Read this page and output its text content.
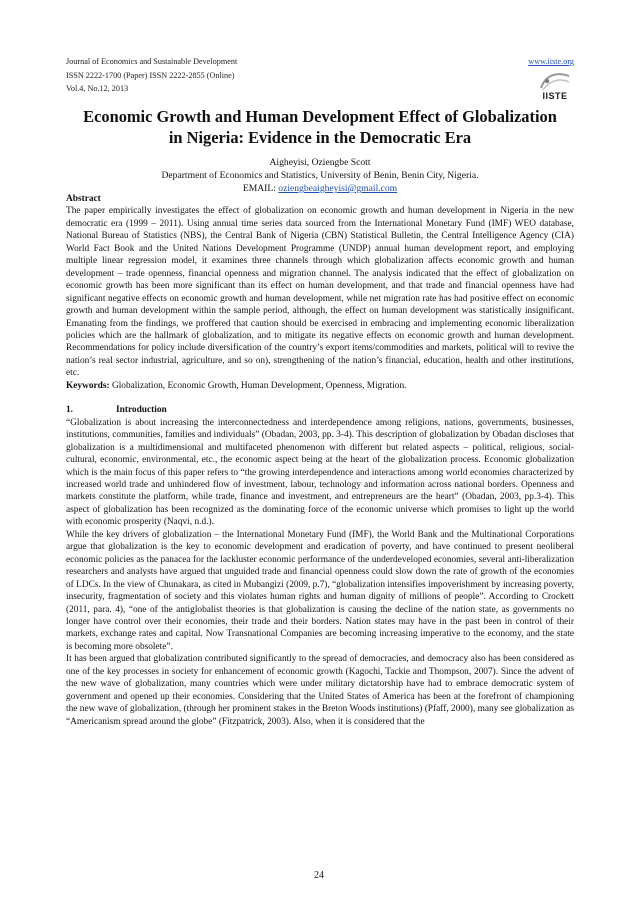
Journal of Economics and Sustainable Development
ISSN 2222-1700 (Paper) ISSN 2222-2855 (Online)
Vol.4, No.12, 2013
www.iiste.org
IISTE
Economic Growth and Human Development Effect of Globalization in Nigeria: Evidence in the Democratic Era
Aigheyisi, Oziengbe Scott
Department of Economics and Statistics, University of Benin, Benin City, Nigeria.
EMAIL: oziengbeaigheyisi@gmail.com

Abstract

The paper empirically investigates the effect of globalization on economic growth and human development in Nigeria in the new democratic era (1999 – 2011). Using annual time series data sourced from the International Monetary Fund (IMF) WEO database, National Bureau of Statistics (NBS), the Central Bank of Nigeria (CBN) Statistical Bulletin, the Central Intelligence Agency (CIA) World Fact Book and the United Nations Development Programme (UNDP) annual human development report, and employing multiple linear regression model, it examines three channels through which globalization affects economic growth and human development – trade openness, financial openness and migration channel. The analysis indicated that the effect of globalization on economic growth has been more significant than its effect on human development, and that trade and financial openness have had significant negative effects on economic growth and human development, while net migration rate has had positive effect on economic growth and human development within the sample period, although, the effect on human development was statistically insignificant. Emanating from the findings, we proffered that caution should be exercised in embracing and implementing economic liberalization policies which are the hallmark of globalization, and to mitigate its negative effects on economic growth and human development. Recommendations for policy include diversification of the country’s export items/commodities and markets, political will to revive the nation’s real sector industrial, agriculture, and so on), strengthening of the nation’s financial, education, health and other institutions, etc.

Keywords: Globalization, Economic Growth, Human Development, Openness, Migration.

1.	Introduction

“Globalization is about increasing the interconnectedness and interdependence among religions, nations, governments, businesses, institutions, communities, families and individuals” (Obadan, 2003, pp. 3-4). This description of globalization by Obadan discloses that globalization is a multidimensional and multifaceted phenomenon with different but related aspects – political, religious, social-cultural, economic, environmental, etc., the economic aspect being at the heart of the globalization process. Economic globalization which is the main focus of this paper refers to “the growing interdependence and interactions among world economies characterized by increased world trade and unhindered flow of investment, labour, technology and information across national borders. Openness and markets constitute the platform, while trade, finance and investment, and entrepreneurs are the heart” (Obadan, 2003, pp.3-4). This aspect of globalization has been recognized as the dominating force of the economic universe which promises to light up the world with economic prosperity (Naqvi, n.d.).

While the key drivers of globalization – the International Monetary Fund (IMF), the World Bank and the Multinational Corporations argue that globalization is the key to economic development and eradication of poverty, and have continued to present neoliberal economic policies as the panacea for the lackluster economic performance of the underdeveloped economies, several anti-liberalization researchers and analysts have argued that unguided trade and financial openness could slow down the rate of growth of the economies of LDCs. In the view of Chunakara, as cited in Mubangizi (2009, p.7), “globalization intensifies impoverishment by increasing poverty, insecurity, fragmentation of society and this violates human rights and human dignity of millions of people”. According to Crockett (2011, para. 4), “one of the antiglobalist theories is that globalization is causing the decline of the nation state, as governments no longer have control over their economies, their trade and their borders. Nation states may have in the past been in control of their markets, exchange rates and capital. Now Transnational Companies are becoming increasing imperative to the economy, and the state is becoming more obsolete”.

It has been argued that globalization contributed significantly to the spread of democracies, and democracy also has been considered as one of the key processes in society for enhancement of economic growth (Kagochi, Tackie and Thompson, 2007). Since the advent of the new wave of globalization, many countries which were under military dictatorship have had to embrace democratic system of government and opened up their economies. Considering that the United States of America has been at the forefront of championing the new wave of globalization, (through her prominent stakes in the Breton Woods institutions) (Pfaff, 2000), many see globalization as “Americanism spread around the globe” (Fitzpatrick, 2003). Also, when it is considered that the

24
